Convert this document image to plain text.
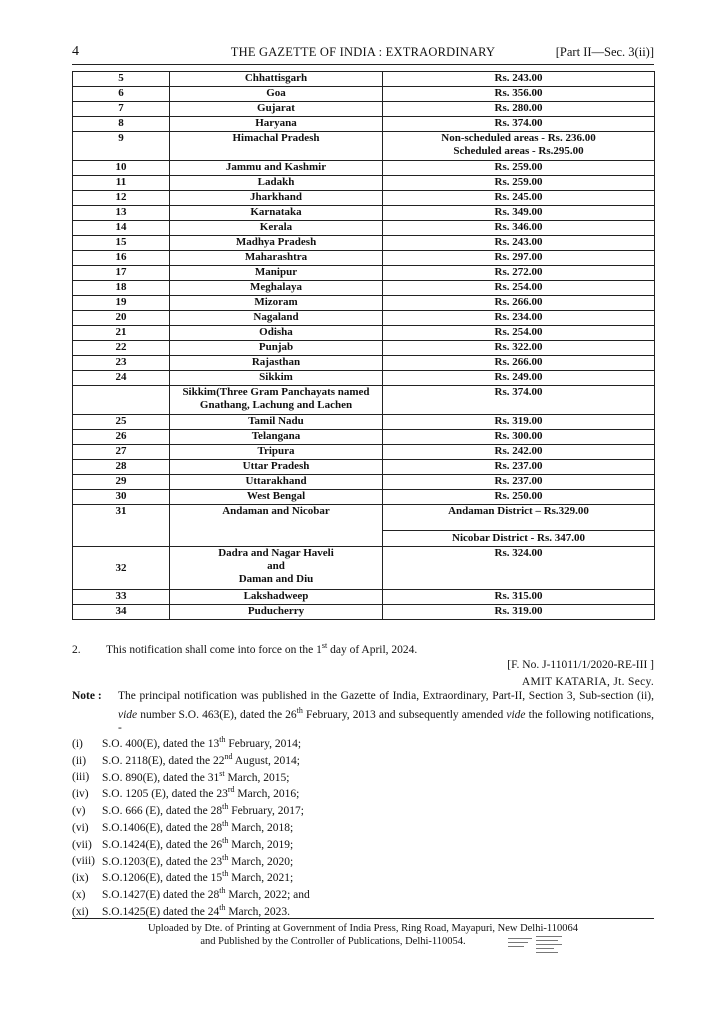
4	THE GAZETTE OF INDIA : EXTRAORDINARY	[Part II—Sec. 3(ii)]
5	Chhattisgarh	Rs. 243.00

6	Goa	Rs. 356.00

7	Gujarat	Rs. 280.00

8	Haryana	Rs. 374.00

9	Himachal Pradesh	Non-scheduled areas - Rs. 236.00
Scheduled areas - Rs.295.00

10	Jammu and Kashmir	Rs. 259.00

11	Ladakh	Rs. 259.00

12	Jharkhand	Rs. 245.00

13	Karnataka	Rs. 349.00

14	Kerala	Rs. 346.00

15	Madhya Pradesh	Rs. 243.00

16	Maharashtra	Rs. 297.00

17	Manipur	Rs. 272.00

18	Meghalaya	Rs. 254.00

19	Mizoram	Rs. 266.00

20	Nagaland	Rs. 234.00

21	Odisha	Rs. 254.00

22	Punjab	Rs. 322.00

23	Rajasthan	Rs. 266.00

24	Sikkim	Rs. 249.00

	Sikkim(Three Gram Panchayats named
Gnathang, Lachung and Lachen	Rs. 374.00

25	Tamil Nadu	Rs. 319.00

26	Telangana	Rs. 300.00

27	Tripura	Rs. 242.00

28	Uttar Pradesh	Rs. 237.00

29	Uttarakhand	Rs. 237.00

30	West Bengal	Rs. 250.00

31	Andaman and Nicobar	Andaman District – Rs.329.00
Nicobar District - Rs. 347.00

32	Dadra and Nagar Haveli
and
Daman and Diu	Rs. 324.00

33	Lakshadweep	Rs. 315.00

34	Puducherry	Rs. 319.00
2. This notification shall come into force on the 1st day of April, 2024.
[F. No. J-11011/1/2020-RE-III ]
AMIT KATARIA, Jt. Secy.
Note : The principal notification was published in the Gazette of India, Extraordinary, Part-II, Section 3, Sub-section (ii), vide number S.O. 463(E), dated the 26th February, 2013 and subsequently amended vide the following notifications, -
(i) S.O. 400(E), dated the 13th February, 2014;
(ii) S.O. 2118(E), dated the 22nd August, 2014;
(iii) S.O. 890(E), dated the 31st March, 2015;
(iv) S.O. 1205 (E), dated the 23rd March, 2016;
(v) S.O. 666 (E), dated the 28th February, 2017;
(vi) S.O.1406(E), dated the 28th March, 2018;
(vii) S.O.1424(E), dated the 26th March, 2019;
(viii) S.O.1203(E), dated the 23th March, 2020;
(ix) S.O.1206(E), dated the 15th March, 2021;
(x) S.O.1427(E) dated the 28th March, 2022; and
(xi) S.O.1425(E) dated the 24th March, 2023.
Uploaded by Dte. of Printing at Government of India Press, Ring Road, Mayapuri, New Delhi-110064
and Published by the Controller of Publications, Delhi-110054.
